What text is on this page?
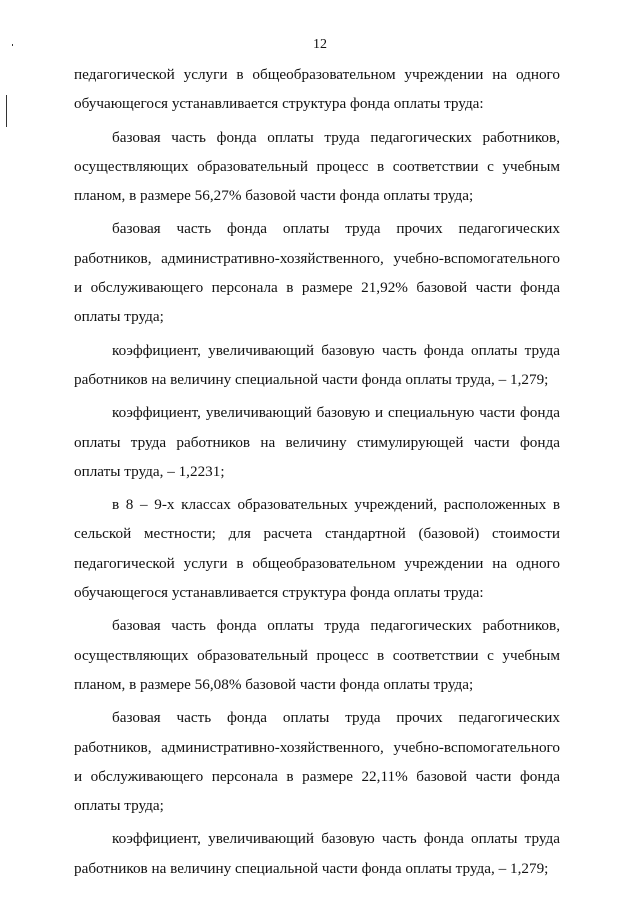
12

педагогической услуги в общеобразовательном учреждении на одного обучающегося устанавливается структура фонда оплаты труда:

базовая часть фонда оплаты труда педагогических работников, осуществляющих образовательный процесс в соответствии с учебным планом, в размере 56,27% базовой части фонда оплаты труда;

базовая часть фонда оплаты труда прочих педагогических работников, административно-хозяйственного, учебно-вспомогательного и обслуживающего персонала в размере 21,92% базовой части фонда оплаты труда;

коэффициент, увеличивающий базовую часть фонда оплаты труда работников на величину специальной части фонда оплаты труда, – 1,279;

коэффициент, увеличивающий базовую и специальную части фонда оплаты труда работников на величину стимулирующей части фонда оплаты труда, – 1,2231;

в 8 – 9-х классах образовательных учреждений, расположенных в сельской местности; для расчета стандартной (базовой) стоимости педагогической услуги в общеобразовательном учреждении на одного обучающегося устанавливается структура фонда оплаты труда:

базовая часть фонда оплаты труда педагогических работников, осуществляющих образовательный процесс в соответствии с учебным планом, в размере 56,08% базовой части фонда оплаты труда;

базовая часть фонда оплаты труда прочих педагогических работников, административно-хозяйственного, учебно-вспомогательного и обслуживающего персонала в размере 22,11% базовой части фонда оплаты труда;

коэффициент, увеличивающий базовую часть фонда оплаты труда работников на величину специальной части фонда оплаты труда, – 1,279;
